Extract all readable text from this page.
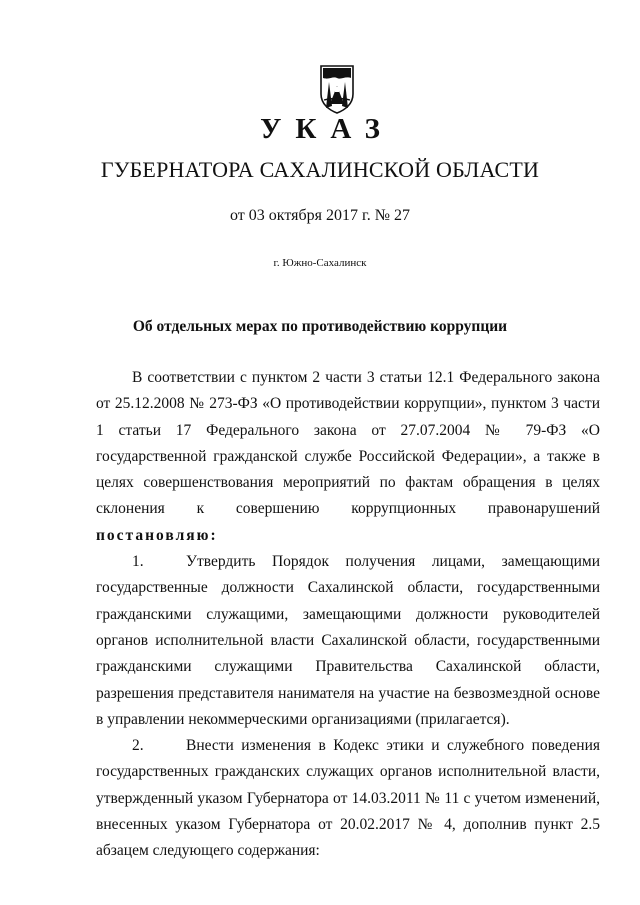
УКАЗ
ГУБЕРНАТОРА САХАЛИНСКОЙ ОБЛАСТИ
от 03 октября 2017 г. № 27
г. Южно-Сахалинск
Об отдельных мерах по противодействию коррупции

В соответствии с пунктом 2 части 3 статьи 12.1 Федерального закона от 25.12.2008 № 273-ФЗ «О противодействии коррупции», пунктом 3 части 1 статьи 17 Федерального закона от 27.07.2004 № 79-ФЗ «О государственной гражданской службе Российской Федерации», а также в целях совершенствования мероприятий по фактам обращения в целях склонения к совершению коррупционных правонарушений постановляю:

1.	Утвердить Порядок получения лицами, замещающими государственные должности Сахалинской области, государственными гражданскими служащими, замещающими должности руководителей органов исполнительной власти Сахалинской области, государственными гражданскими служащими Правительства Сахалинской области, разрешения представителя нанимателя на участие на безвозмездной основе в управлении некоммерческими организациями (прилагается).

2.	Внести изменения в Кодекс этики и служебного поведения государственных гражданских служащих органов исполнительной власти, утвержденный указом Губернатора от 14.03.2011 № 11 с учетом изменений, внесенных указом Губернатора от 20.02.2017 № 4, дополнив пункт 2.5 абзацем следующего содержания:
